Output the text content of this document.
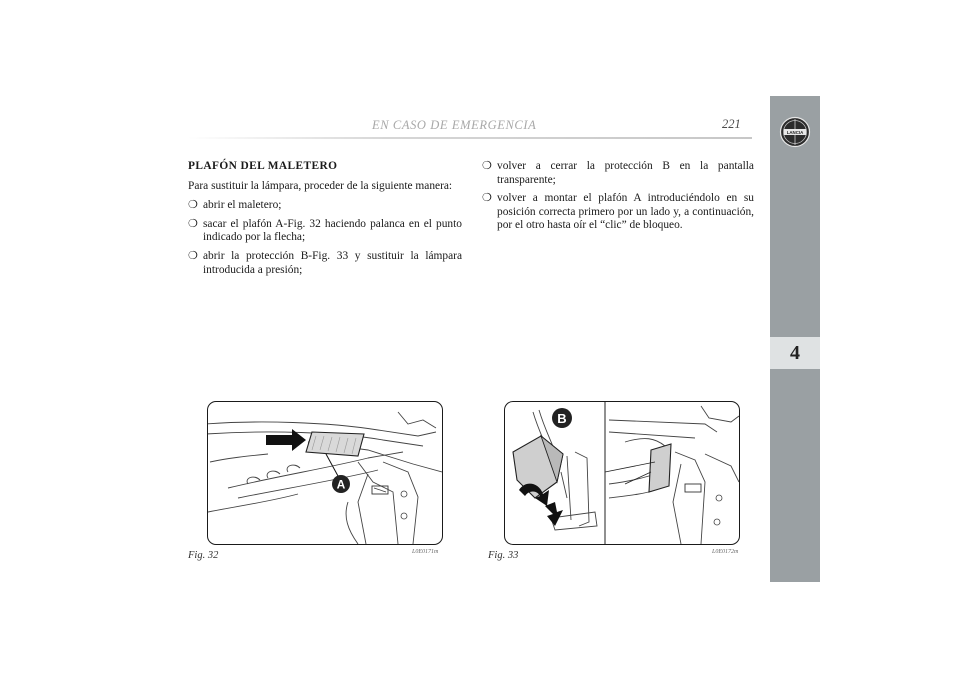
EN CASO DE EMERGENCIA	221
LANCIA
4
PLAFÓN DEL MALETERO

Para sustituir la lámpara, proceder de la siguiente manera:

❍ abrir el maletero;
❍ sacar el plafón A-Fig. 32 haciendo palanca en el punto indicado por la flecha;
❍ abrir la protección B-Fig. 33 y sustituir la lámpara introducida a presión;
❍ volver a cerrar la protección B en la pantalla transparente;
❍ volver a montar el plafón A introduciéndolo en su posición correcta primero por un lado y, a continuación, por el otro hasta oír el “clic” de bloqueo.
A
Fig. 32	L0E0171m
B
Fig. 33	L0E0172m
